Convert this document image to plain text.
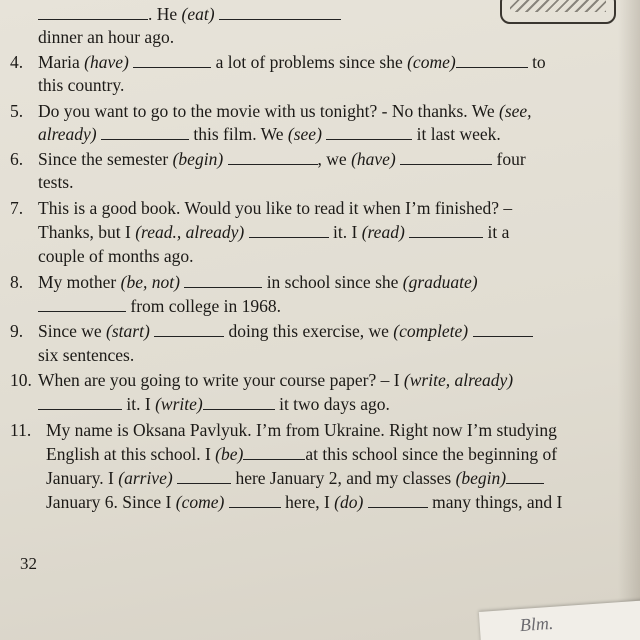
. He (eat)
dinner an hour ago.
4. Maria (have)	a lot of problems since she (come)	to
this country.
5. Do you want to go to the movie with us tonight? - No thanks. We (see,
already)	this film. We (see)	it last week.
6. Since the semester (begin)	, we (have)	four
tests.
7. This is a good book. Would you like to read it when I’m finished? –
Thanks, but I (read., already)	it. I (read)	it a
couple of months ago.
8. My mother (be, not)	in school since she (graduate)
from college in 1968.
9. Since we (start)	doing this exercise, we (complete)
six sentences.
10. When are you going to write your course paper? – I (write, already)
it. I (write)	it two days ago.
11. My name is Oksana Pavlyuk. I’m from Ukraine. Right now I’m studying
English at this school. I (be)	at this school since the beginning of
January. I (arrive)	here January 2, and my classes (begin)
January 6. Since I (come)	here, I (do)	many things, and I
32
Blm.
